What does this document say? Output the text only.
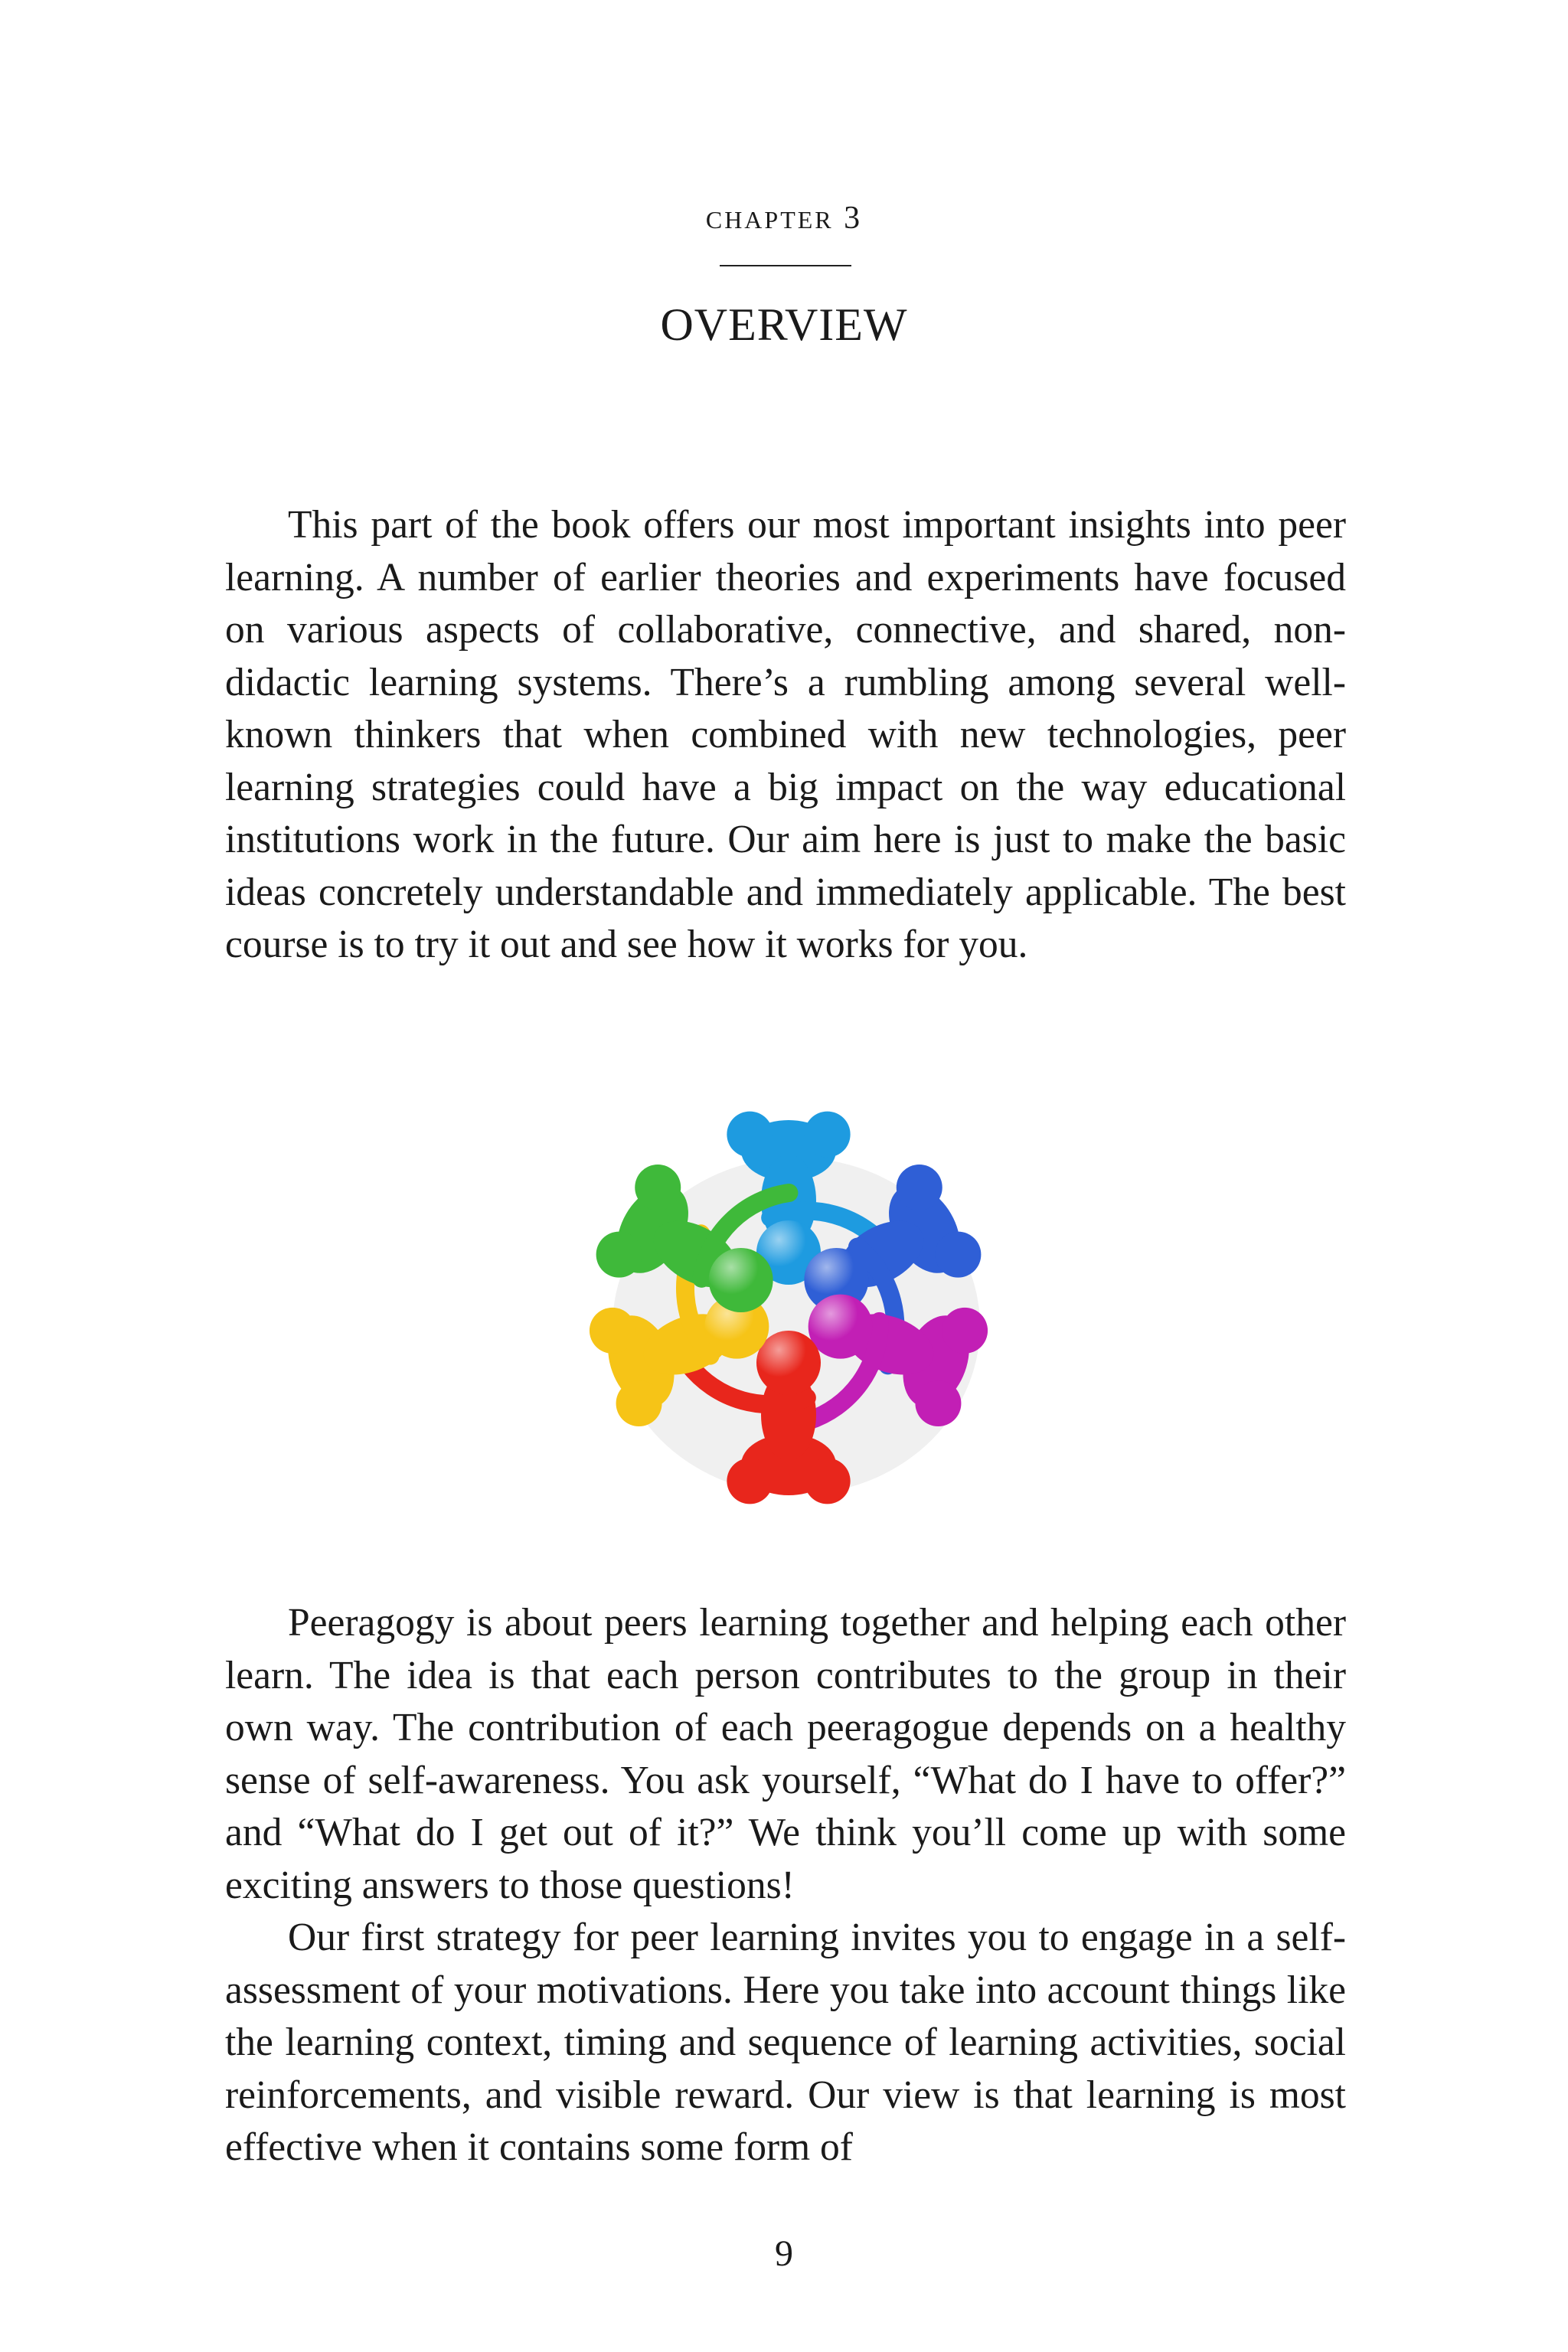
chapter 3
OVERVIEW

This part of the book offers our most important insights into peer learning. A number of earlier theories and experiments have focused on various aspects of collaborative, connective, and shared, non-didactic learning systems. There’s a rumbling among several well-known thinkers that when combined with new technologies, peer learning strategies could have a big impact on the way educational institutions work in the future. Our aim here is just to make the basic ideas concretely understandable and immediately applicable. The best course is to try it out and see how it works for you.

Peeragogy is about peers learning together and helping each other learn. The idea is that each person contributes to the group in their own way. The contribution of each peeragogue depends on a healthy sense of self-awareness. You ask yourself, “What do I have to offer?” and “What do I get out of it?” We think you’ll come up with some exciting answers to those questions!

Our first strategy for peer learning invites you to engage in a self-assessment of your motivations. Here you take into account things like the learning context, timing and sequence of learning activities, social reinforcements, and visible reward. Our view is that learning is most effective when it contains some form of

9
